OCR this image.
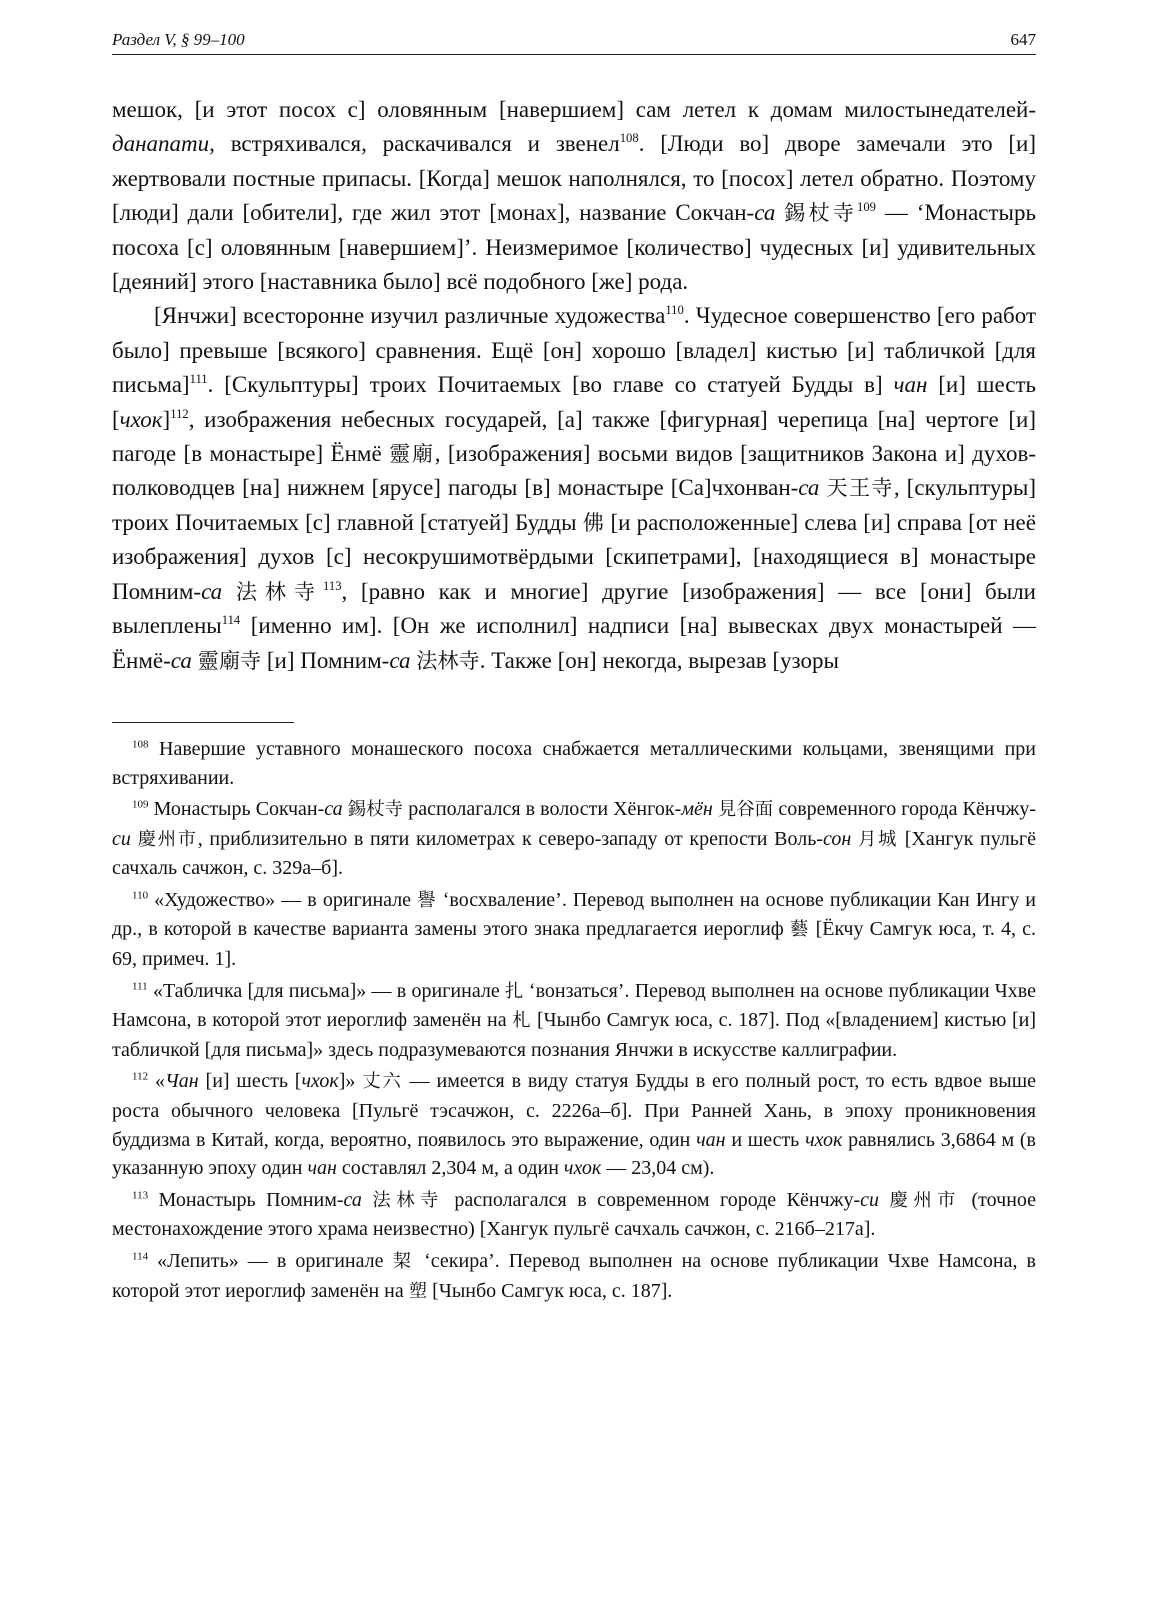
Раздел V, § 99–100	647

мешок, [и этот посох с] оловянным [навершием] сам летел к домам милостынедателей-данапати, встряхивался, раскачивался и звенел$^{108}$. [Люди во] дворе замечали это [и] жертвовали постные припасы. [Когда] мешок наполнялся, то [посох] летел обратно. Поэтому [люди] дали [обители], где жил этот [монах], название Сокчан-са 錫杖寺$^{109}$ — ‘Монастырь посоха [с] оловянным [навершием]’. Неизмеримое [количество] чудесных [и] удивительных [деяний] этого [наставника было] всё подобного [же] рода.

[Янчжи] всесторонне изучил различные художества$^{110}$. Чудесное совершенство [его работ было] превыше [всякого] сравнения. Ещё [он] хорошо [владел] кистью [и] табличкой [для письма]$^{111}$. [Скульптуры] троих Почитаемых [во главе со статуей Будды в] чан [и] шесть [чхок]$^{112}$, изображения небесных государей, [а] также [фигурная] черепица [на] чертоге [и] пагоде [в монастыре] Ёнмё 靈廟, [изображения] восьми видов [защитников Закона и] духов-полководцев [на] нижнем [ярусе] пагоды [в] монастыре [Са]чхонван-са 天王寺, [скульптуры] троих Почитаемых [с] главной [статуей] Будды 佛 [и расположенные] слева [и] справа [от неё изображения] духов [с] несокрушимотвёрдыми [скипетрами], [находящиеся в] монастыре Помним-са 法林寺$^{113}$, [равно как и многие] другие [изображения] — все [они] были вылеплены$^{114}$ [именно им]. [Он же исполнил] надписи [на] вывесках двух монастырей — Ёнмё-са 靈廟寺 [и] Помним-са 法林寺. Также [он] некогда, вырезав [узоры

$^{108}$ Навершие уставного монашеского посоха снабжается металлическими кольцами, звенящими при встряхивании.

$^{109}$ Монастырь Сокчан-са 錫杖寺 располагался в волости Хёнгок-мён 見谷面 современного города Кёнчжу-си 慶州市, приблизительно в пяти километрах к северо-западу от крепости Воль-сон 月城 [Хангук пульгё сачхаль сачжон, с. 329а–б].

$^{110}$ «Художество» — в оригинале 譽 ‘восхваление’. Перевод выполнен на основе публикации Кан Ингу и др., в которой в качестве варианта замены этого знака предлагается иероглиф 藝 [Ёкчу Самгук юса, т. 4, с. 69, примеч. 1].

$^{111}$ «Табличка [для письма]» — в оригинале 扎 ‘вонзаться’. Перевод выполнен на основе публикации Чхве Намсона, в которой этот иероглиф заменён на 札 [Чынбо Самгук юса, с. 187]. Под «[владением] кистью [и] табличкой [для письма]» здесь подразумеваются познания Янчжи в искусстве каллиграфии.

$^{112}$ «Чан [и] шесть [чхок]» 丈六 — имеется в виду статуя Будды в его полный рост, то есть вдвое выше роста обычного человека [Пульгё тэсачжон, с. 2226а–б]. При Ранней Хань, в эпоху проникновения буддизма в Китай, когда, вероятно, появилось это выражение, один чан и шесть чхок равнялись 3,6864 м (в указанную эпоху один чан составлял 2,304 м, а один чхок — 23,04 см).

$^{113}$ Монастырь Помним-са 法林寺 располагался в современном городе Кёнчжу-си 慶州市 (точное местонахождение этого храма неизвестно) [Хангук пульгё сачхаль сачжон, с. 216б–217а].

$^{114}$ «Лепить» — в оригинале 栔 ‘секира’. Перевод выполнен на основе публикации Чхве Намсона, в которой этот иероглиф заменён на 塑 [Чынбо Самгук юса, с. 187].
